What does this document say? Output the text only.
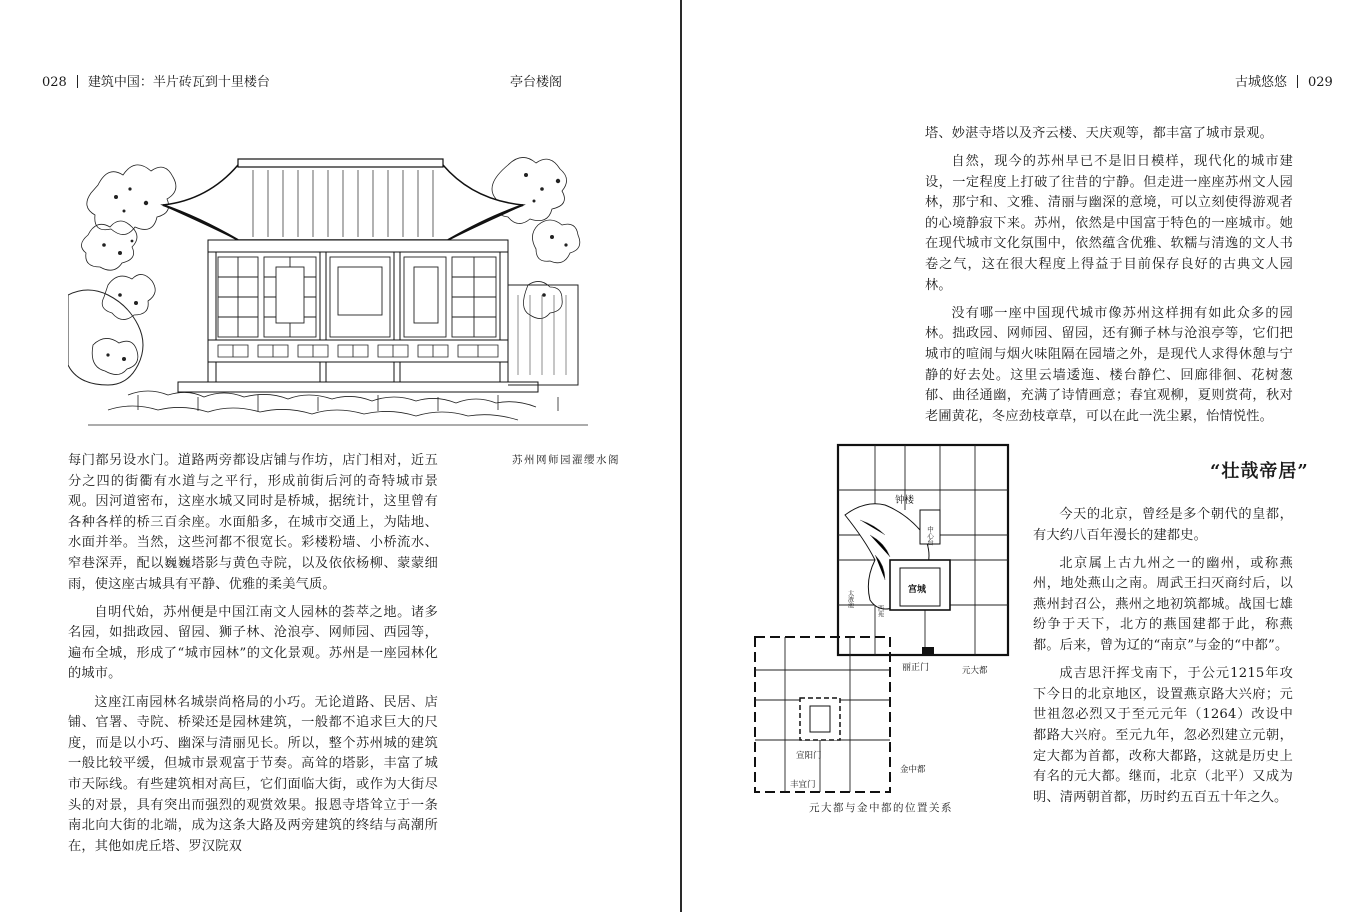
028 建筑中国：半片砖瓦到十里楼台	亭台楼阁
苏州网师园濯缨水阁

每门都另设水门。道路两旁都设店铺与作坊，店门相对，近五分之四的街衢有水道与之平行，形成前街后河的奇特城市景观。因河道密布，这座水城又同时是桥城，据统计，这里曾有各种各样的桥三百余座。水面船多，在城市交通上，为陆地、水面并举。当然，这些河都不很宽长。彩楼粉墙、小桥流水、窄巷深弄，配以巍巍塔影与黄色寺院，以及依依杨柳、蒙蒙细雨，使这座古城具有平静、优雅的柔美气质。

自明代始，苏州便是中国江南文人园林的荟萃之地。诸多名园，如拙政园、留园、狮子林、沧浪亭、网师园、西园等，遍布全城，形成了“城市园林”的文化景观。苏州是一座园林化的城市。

这座江南园林名城崇尚格局的小巧。无论道路、民居、店铺、官署、寺院、桥梁还是园林建筑，一般都不追求巨大的尺度，而是以小巧、幽深与清丽见长。所以，整个苏州城的建筑一般比较平缓，但城市景观富于节奏。高耸的塔影，丰富了城市天际线。有些建筑相对高巨，它们面临大街，或作为大街尽头的对景，具有突出而强烈的观赏效果。报恩寺塔耸立于一条南北向大街的北端，成为这条大路及两旁建筑的终结与高潮所在，其他如虎丘塔、罗汉院双

古城悠悠 029

塔、妙湛寺塔以及齐云楼、天庆观等，都丰富了城市景观。

自然，现今的苏州早已不是旧日模样，现代化的城市建设，一定程度上打破了往昔的宁静。但走进一座座苏州文人园林，那宁和、文雅、清丽与幽深的意境，可以立刻使得游观者的心境静寂下来。苏州，依然是中国富于特色的一座城市。她在现代城市文化氛围中，依然蕴含优雅、软糯与清逸的文人书卷之气，这在很大程度上得益于目前保存良好的古典文人园林。

没有哪一座中国现代城市像苏州这样拥有如此众多的园林。拙政园、网师园、留园，还有狮子林与沧浪亭等，它们把城市的喧闹与烟火味阻隔在园墙之外，是现代人求得休憩与宁静的好去处。这里云墙逶迤、楼台静伫、回廊徘徊、花树葱郁、曲径通幽，充满了诗情画意；春宜观柳，夏则赏荷，秋对老圃黄花，冬应劲枝章草，可以在此一洗尘累，怡情悦性。

钟楼
中心台
太液池
西苑
宫城
丽正门	元大都
宣阳门
金中都
丰宜门
元大都与金中都的位置关系
“壮哉帝居”

今天的北京，曾经是多个朝代的皇都，有大约八百年漫长的建都史。

北京属上古九州之一的幽州，或称燕州，地处燕山之南。周武王扫灭商纣后，以燕州封召公，燕州之地初筑都城。战国七雄纷争于天下，北方的燕国建都于此，称燕都。后来，曾为辽的“南京”与金的“中都”。

成吉思汗挥戈南下，于公元1215年攻下今日的北京地区，设置燕京路大兴府；元世祖忽必烈又于至元元年（1264）改设中都路大兴府。至元九年，忽必烈建立元朝，定大都为首都，改称大都路，这就是历史上有名的元大都。继而，北京（北平）又成为明、清两朝首都，历时约五百五十年之久。
